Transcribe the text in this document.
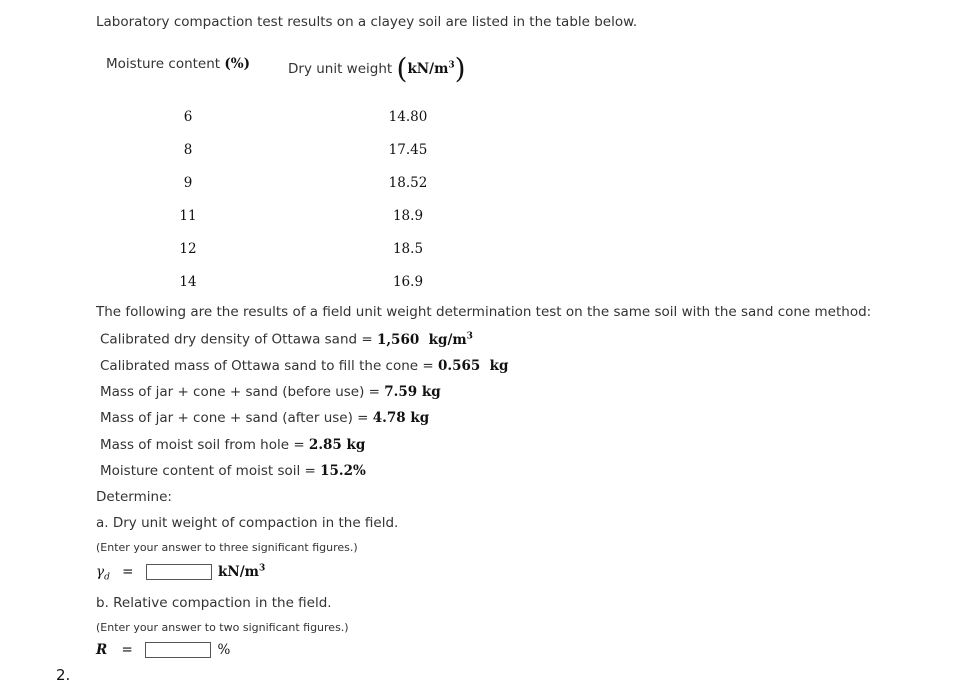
Laboratory compaction test results on a clayey soil are listed in the table below.
Moisture content (%)	Dry unit weight $(kN/m^3)$
6	14.80
8	17.45
9	18.52
11	18.9
12	18.5
14	16.9
The following are the results of a field unit weight determination test on the same soil with the sand cone method:
Calibrated dry density of Ottawa sand = 1,560 $kg/m^3$
Calibrated mass of Ottawa sand to fill the cone = 0.565 kg
Mass of jar + cone + sand (before use) = 7.59 kg
Mass of jar + cone + sand (after use) = 4.78 kg
Mass of moist soil from hole = 2.85 kg
Moisture content of moist soil = 15.2%
Determine:
a. Dry unit weight of compaction in the field.
(Enter your answer to three significant figures.)
$\gamma_d$ =	$kN/m^3$
b. Relative compaction in the field.
(Enter your answer to two significant figures.)
R =	%
2.
